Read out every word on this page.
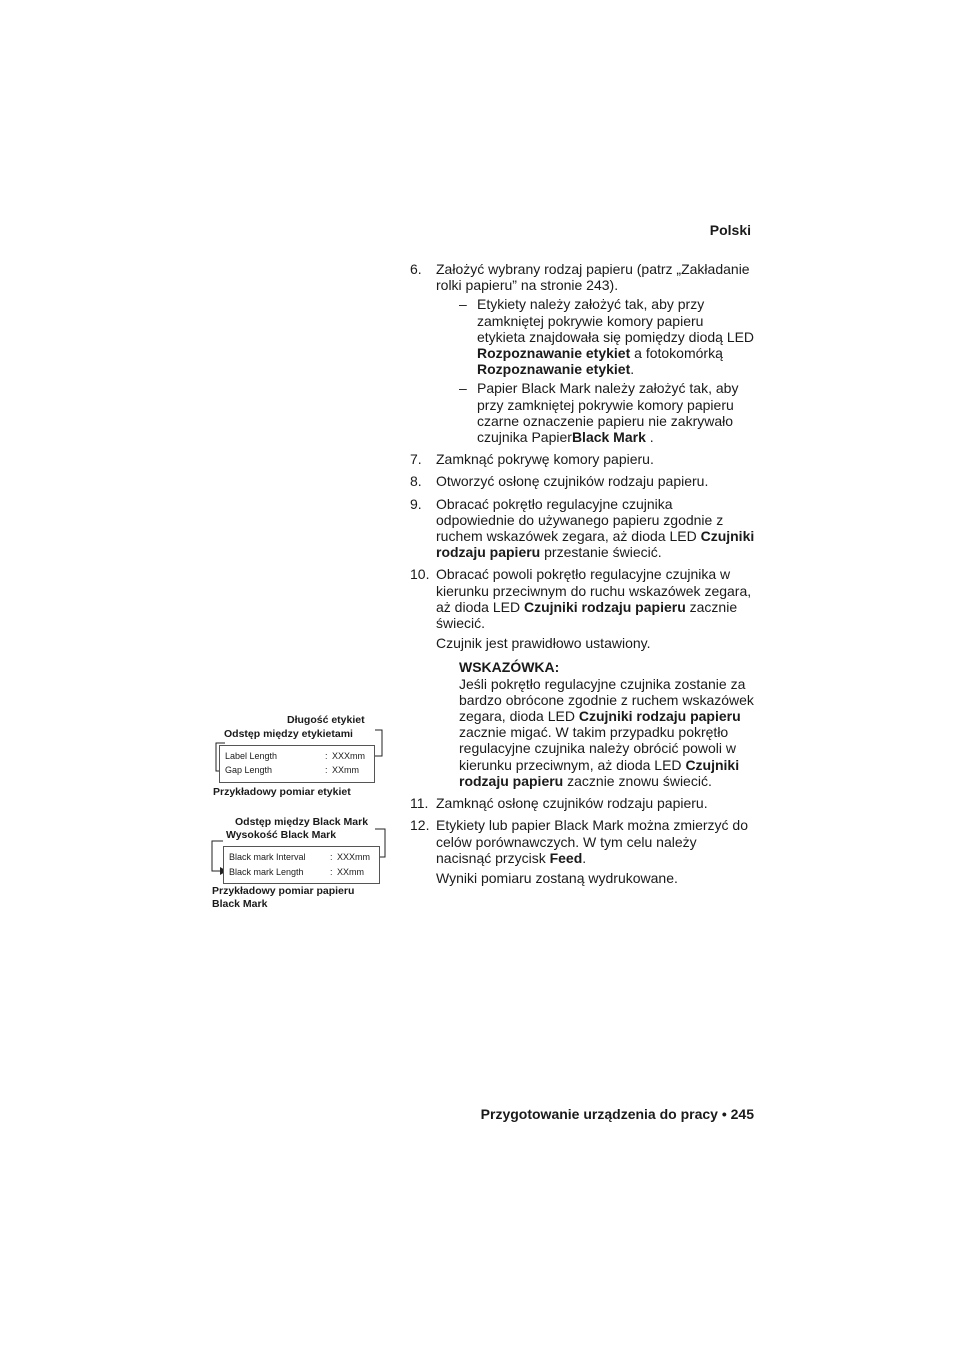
Polski
6.	Założyć wybrany rodzaj papieru (patrz „Zakładanie rolki papieru” na stronie 243).
– Etykiety należy założyć tak, aby przy zamkniętej pokrywie komory papieru etykieta znajdowała się pomiędzy diodą LED Rozpoznawanie etykiet a fotokomórką Rozpoznawanie etykiet.
– Papier Black Mark należy założyć tak, aby przy zamkniętej pokrywie komory papieru czarne oznaczenie papieru nie zakrywało czujnika PapierBlack Mark .
7.	Zamknąć pokrywę komory papieru.
8.	Otworzyć osłonę czujników rodzaju papieru.
9.	Obracać pokrętło regulacyjne czujnika odpowiednie do używanego papieru zgodnie z ruchem wskazówek zegara, aż dioda LED Czujniki rodzaju papieru przestanie świecić.
10. Obracać powoli pokrętło regulacyjne czujnika w kierunku przeciwnym do ruchu wskazówek zegara, aż dioda LED Czujniki rodzaju papieru zacznie świecić.
Czujnik jest prawidłowo ustawiony.
WSKAZÓWKA:
Jeśli pokrętło regulacyjne czujnika zostanie za bardzo obrócone zgodnie z ruchem wskazówek zegara, dioda LED Czujniki rodzaju papieru zacznie migać. W takim przypadku pokrętło regulacyjne czujnika należy obrócić powoli w kierunku przeciwnym, aż dioda LED Czujniki rodzaju papieru zacznie znowu świecić.
11. Zamknąć osłonę czujników rodzaju papieru.
12. Etykiety lub papier Black Mark można zmierzyć do celów porównawczych. W tym celu należy nacisnąć przycisk Feed.
Wyniki pomiaru zostaną wydrukowane.
Długość etykiet
Odstęp między etykietami
Label Length	: XXXmm
Gap Length	: XXmm
Przykładowy pomiar etykiet
Odstęp między Black Mark
Wysokość Black Mark
Black mark Interval	: XXXmm
Black mark Length	: XXmm
Przykładowy pomiar papieru
Black Mark
Przygotowanie urządzenia do pracy • 245
